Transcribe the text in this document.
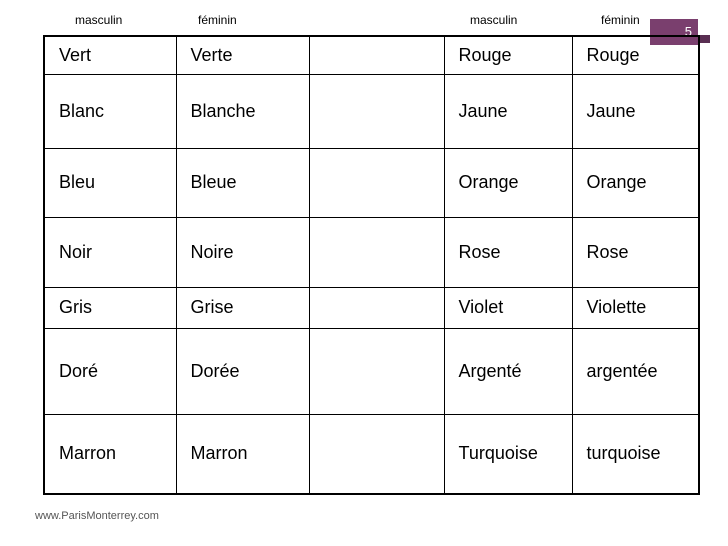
masculin	féminin	masculin	féminin
5
Vert	Verte		Rouge	Rouge
Blanc	Blanche		Jaune	Jaune
Bleu	Bleue		Orange	Orange
Noir	Noire		Rose	Rose
Gris	Grise		Violet	Violette
Doré	Dorée		Argenté	argentée
Marron	Marron		Turquoise	turquoise
www.ParisMonterrey.com
